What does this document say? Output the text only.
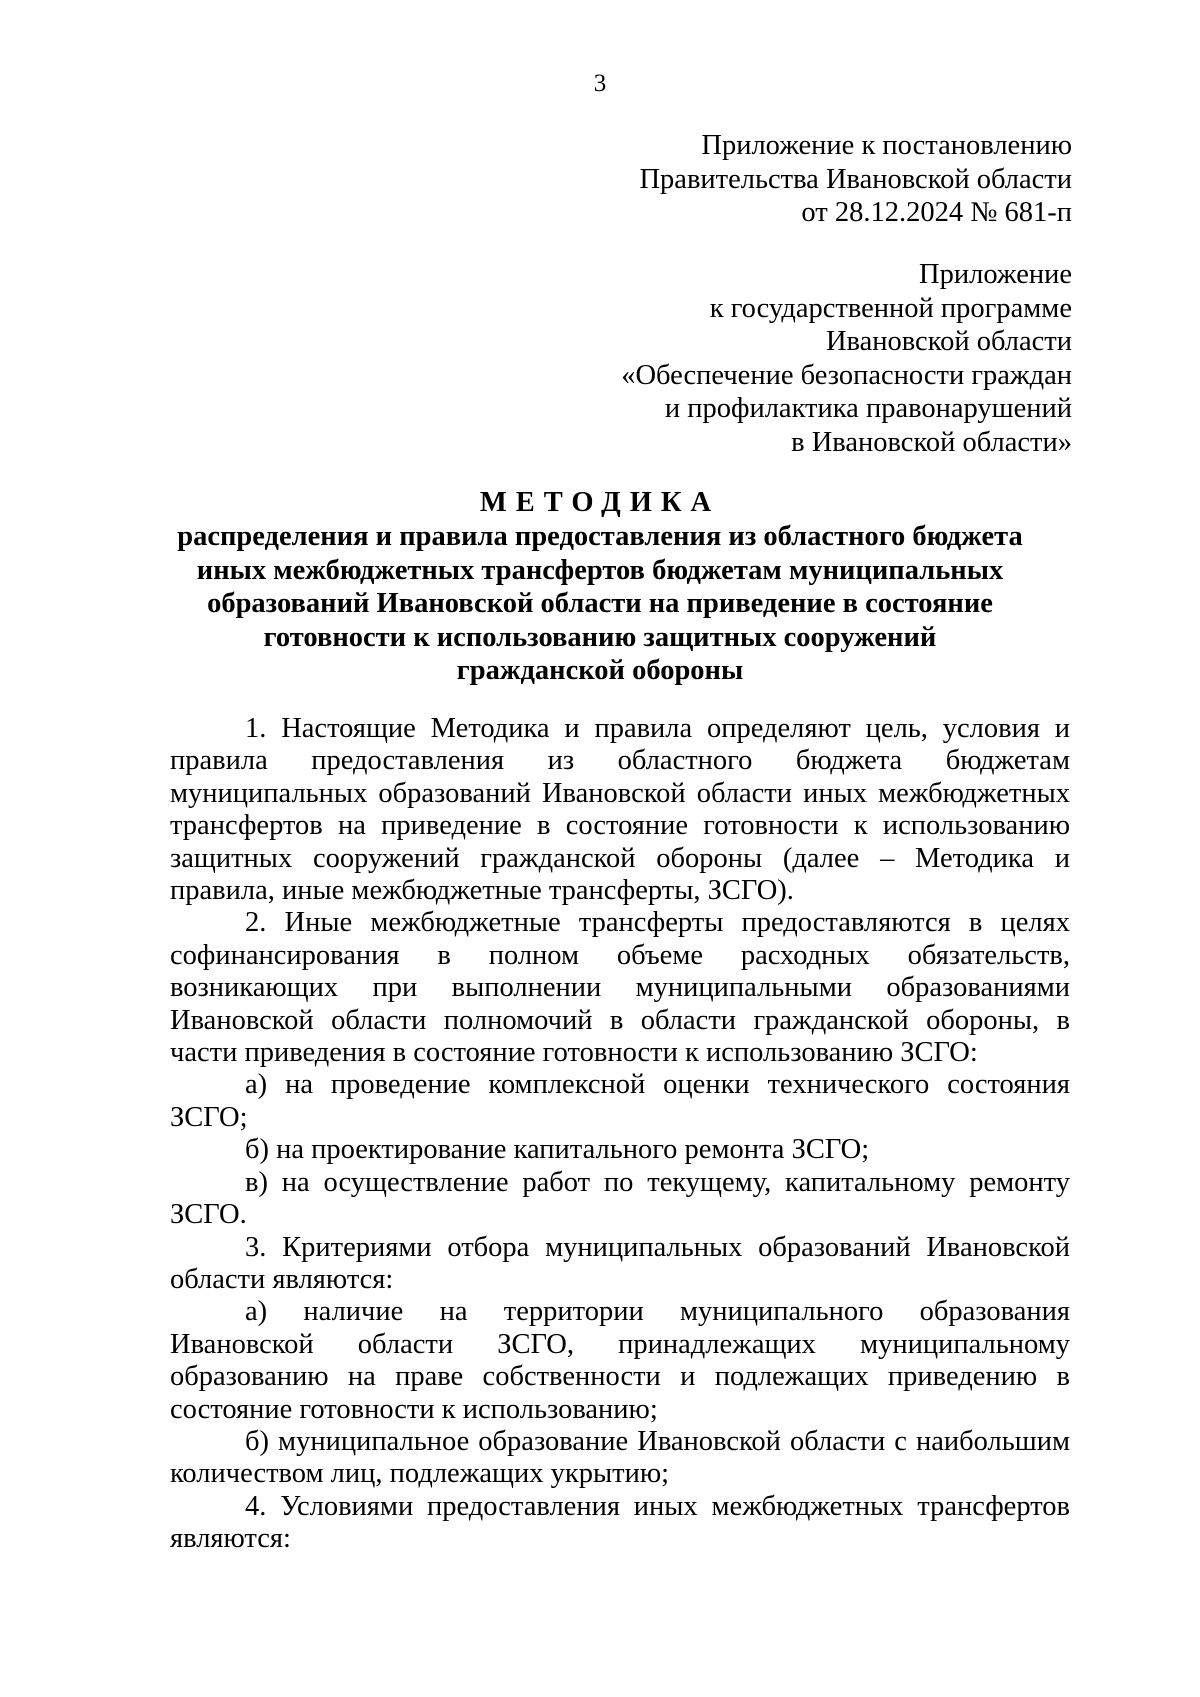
3
Приложение к постановлению
Правительства Ивановской области
от 28.12.2024 № 681-п
Приложение
к государственной программе
Ивановской области
«Обеспечение безопасности граждан
и профилактика правонарушений
в Ивановской области»
МЕТОДИКА
распределения и правила предоставления из областного бюджета
иных межбюджетных трансфертов бюджетам муниципальных
образований Ивановской области на приведение в состояние
готовности к использованию защитных сооружений
гражданской обороны

1. Настоящие Методика и правила определяют цель, условия и правила предоставления из областного бюджета бюджетам муниципальных образований Ивановской области иных межбюджетных трансфертов на приведение в состояние готовности к использованию защитных сооружений гражданской обороны (далее – Методика и правила, иные межбюджетные трансферты, ЗСГО).

2. Иные межбюджетные трансферты предоставляются в целях софинансирования в полном объеме расходных обязательств, возникающих при выполнении муниципальными образованиями Ивановской области полномочий в области гражданской обороны, в части приведения в состояние готовности к использованию ЗСГО:

а) на проведение комплексной оценки технического состояния ЗСГО;

б) на проектирование капитального ремонта ЗСГО;

в) на осуществление работ по текущему, капитальному ремонту ЗСГО.

3. Критериями отбора муниципальных образований Ивановской области являются:

а) наличие на территории муниципального образования Ивановской области ЗСГО, принадлежащих муниципальному образованию на праве собственности и подлежащих приведению в состояние готовности к использованию;

б) муниципальное образование Ивановской области с наибольшим количеством лиц, подлежащих укрытию;

4. Условиями предоставления иных межбюджетных трансфертов являются:
